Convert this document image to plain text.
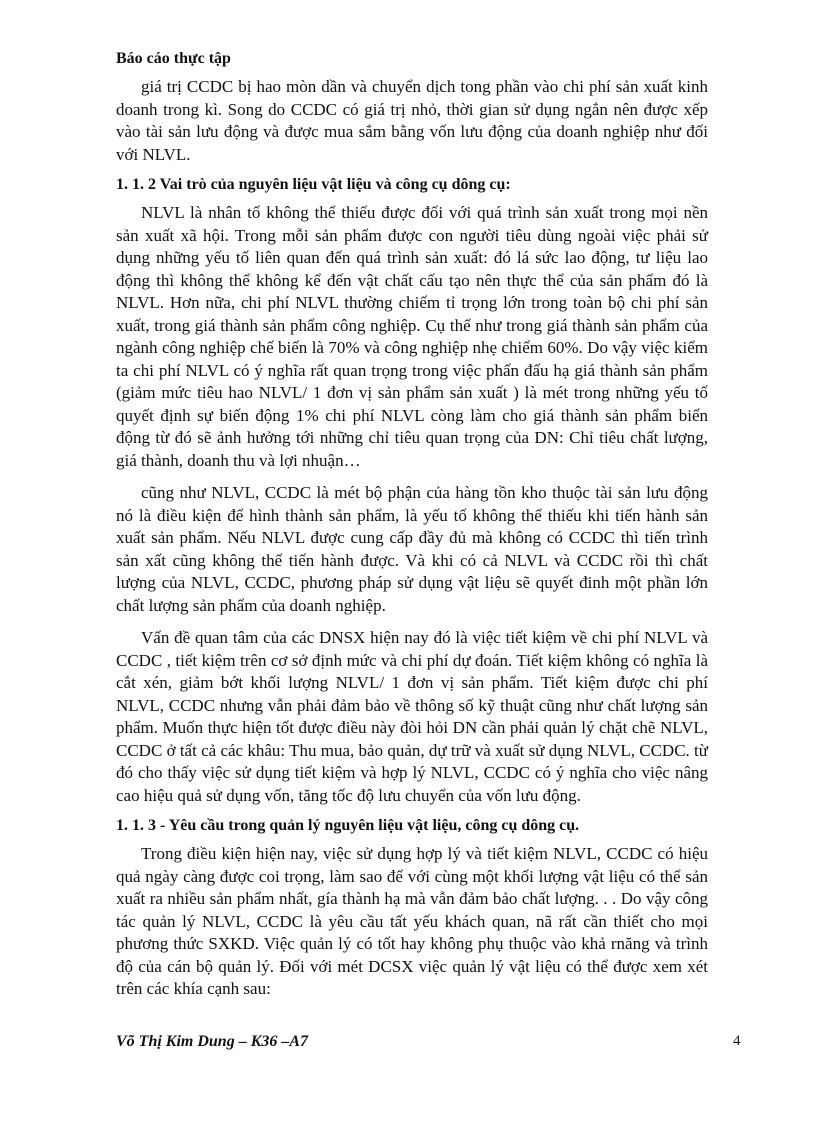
Báo cáo thực tập

giá trị CCDC bị hao mòn dần và chuyển dịch tong phần vào chi phí sản xuất kinh doanh trong kì. Song do CCDC có giá trị nhỏ, thời gian sử dụng ngắn nên được xếp vào tài sản lưu động và được mua sắm bằng vốn lưu động của doanh nghiệp như đối với NLVL.

1. 1. 2 Vai trò của nguyên liệu vật liệu và công cụ dông cụ:

NLVL là nhân tố không thể thiếu được đối với quá trình sản xuất trong mọi nền sản xuất xã hội. Trong mỗi sản phẩm được con người tiêu dùng ngoài việc phải sử dụng những yếu tố liên quan đến quá trình sản xuất: đó lá sức lao động, tư liệu lao động thì không thể không kể đến vật chất cấu tạo nên thực thể của sản phẩm đó là NLVL. Hơn nữa, chi phí NLVL thường chiếm tỉ trọng lớn trong toàn bộ chi phí sản xuất, trong giá thành sản phẩm công nghiệp. Cụ thể như trong giá thành sản phẩm của ngành công nghiệp chế biến là 70% và công nghiệp nhẹ chiếm 60%. Do vậy việc kiểm ta chi phí NLVL có ý nghĩa rất quan trọng trong việc phấn đấu hạ giá thành sản phẩm (giảm mức tiêu hao NLVL/ 1 đơn vị sản phẩm sản xuất ) là mét trong những yếu tố quyết định sự biến động 1% chi phí NLVL còng làm cho giá thành sản phẩm biến động từ đó sẽ ảnh hưởng tới những chỉ tiêu quan trọng của DN: Chỉ tiêu chất lượng, giá thành, doanh thu và lợi nhuận…

cũng như NLVL, CCDC là mét bộ phận của hàng tồn kho thuộc tài sản lưu động nó là điều kiện để hình thành sản phẩm, là yếu tố không thể thiếu khi tiến hành sản xuất sản phẩm. Nếu NLVL được cung cấp đầy đủ mà không có CCDC thì tiến trình sản xất cũng không thể tiến hành được. Và khi có cả NLVL và CCDC rồi thì chất lượng của NLVL, CCDC, phương pháp sử dụng vật liệu sẽ quyết đinh một phần lớn chất lượng sản phẩm của doanh nghiệp.

Vấn đề quan tâm của các DNSX hiện nay đó là việc tiết kiệm về chi phí NLVL và CCDC , tiết kiệm trên cơ sở định mức và chi phí dự đoán. Tiết kiệm không có nghĩa là cắt xén, giảm bớt khối lượng NLVL/ 1 đơn vị sản phẩm. Tiết kiệm được chi phí NLVL, CCDC nhưng vẫn phải đảm bảo về thông số kỹ thuật cũng như chất lượng sản phẩm. Muốn thực hiện tốt được điều này đòi hỏi DN cần phải quản lý chặt chẽ NLVL, CCDC ở tất cả các khâu: Thu mua, bảo quản, dự trữ và xuất sử dụng NLVL, CCDC. từ đó cho thấy việc sử dụng tiết kiệm và hợp lý NLVL, CCDC có ý nghĩa cho việc nâng cao hiệu quả sử dụng vốn, tăng tốc độ lưu chuyển của vốn lưu động.

1. 1. 3 - Yêu cầu trong quản lý nguyên liệu vật liệu, công cụ dông cụ.

Trong điều kiện hiện nay, việc sử dụng hợp lý và tiết kiệm NLVL, CCDC có hiệu quả ngày càng được coi trọng, làm sao để với cùng một khối lượng vật liệu có thể sản xuất ra nhiều sản phẩm nhất, gía thành hạ mà vẫn đảm bảo chất lượng. . . Do vậy công tác quản lý NLVL, CCDC là yêu cầu tất yếu khách quan, nã rất cần thiết cho mọi phương thức SXKD. Việc quản lý có tốt hay không phụ thuộc vào khả rnăng và trình độ của cán bộ quản lý. Đối với mét DCSX việc quản lý vật liệu có thể được xem xét trên các khía cạnh sau:

Võ Thị Kim Dung – K36 –A7	4
